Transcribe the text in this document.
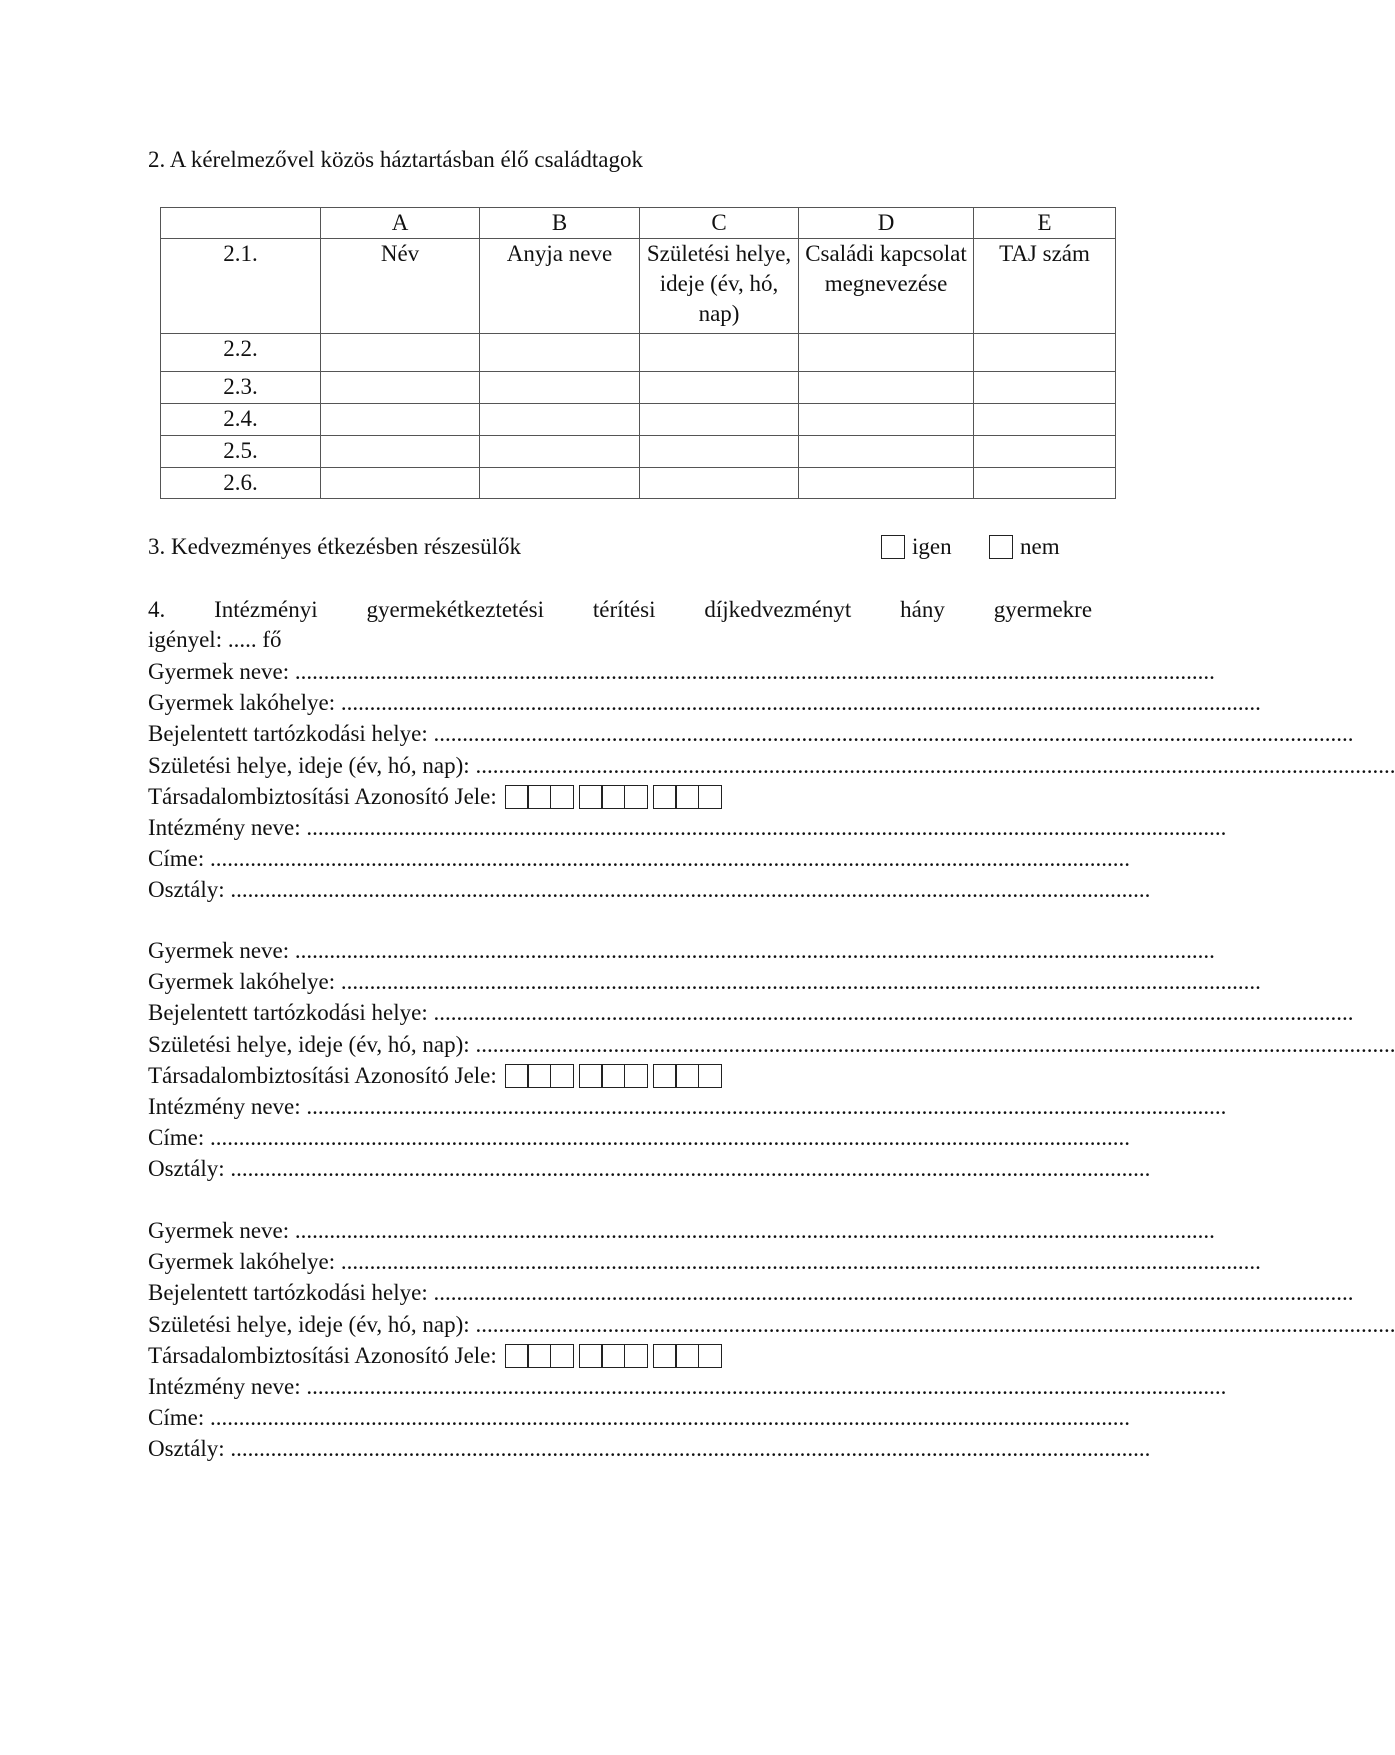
2. A kérelmezővel közös háztartásban élő családtagok
	A	B	C	D	E
2.1.	Név	Anyja neve	Születési helye, ideje (év, hó, nap)	Családi kapcsolat megnevezése	TAJ szám
2.2.					
2.3.					
2.4.					
2.5.					
2.6.					
3. Kedvezményes étkezésben részesülők	igen	nem
4. Intézményi gyermekétkeztetési térítési díjkedvezményt hány gyermekre
igényel: ..... fő
Gyermek neve: ................................................................................................................................................................
Gyermek lakóhelye: ................................................................................................................................................................
Bejelentett tartózkodási helye: ................................................................................................................................................................
Születési helye, ideje (év, hó, nap): ................................................................................................................................................................
Társadalombiztosítási Azonosító Jele:
Intézmény neve: ................................................................................................................................................................
Címe: ................................................................................................................................................................
Osztály: ................................................................................................................................................................
Gyermek neve: ................................................................................................................................................................
Gyermek lakóhelye: ................................................................................................................................................................
Bejelentett tartózkodási helye: ................................................................................................................................................................
Születési helye, ideje (év, hó, nap): ................................................................................................................................................................
Társadalombiztosítási Azonosító Jele:
Intézmény neve: ................................................................................................................................................................
Címe: ................................................................................................................................................................
Osztály: ................................................................................................................................................................
Gyermek neve: ................................................................................................................................................................
Gyermek lakóhelye: ................................................................................................................................................................
Bejelentett tartózkodási helye: ................................................................................................................................................................
Születési helye, ideje (év, hó, nap): ................................................................................................................................................................
Társadalombiztosítási Azonosító Jele:
Intézmény neve: ................................................................................................................................................................
Címe: ................................................................................................................................................................
Osztály: ................................................................................................................................................................
